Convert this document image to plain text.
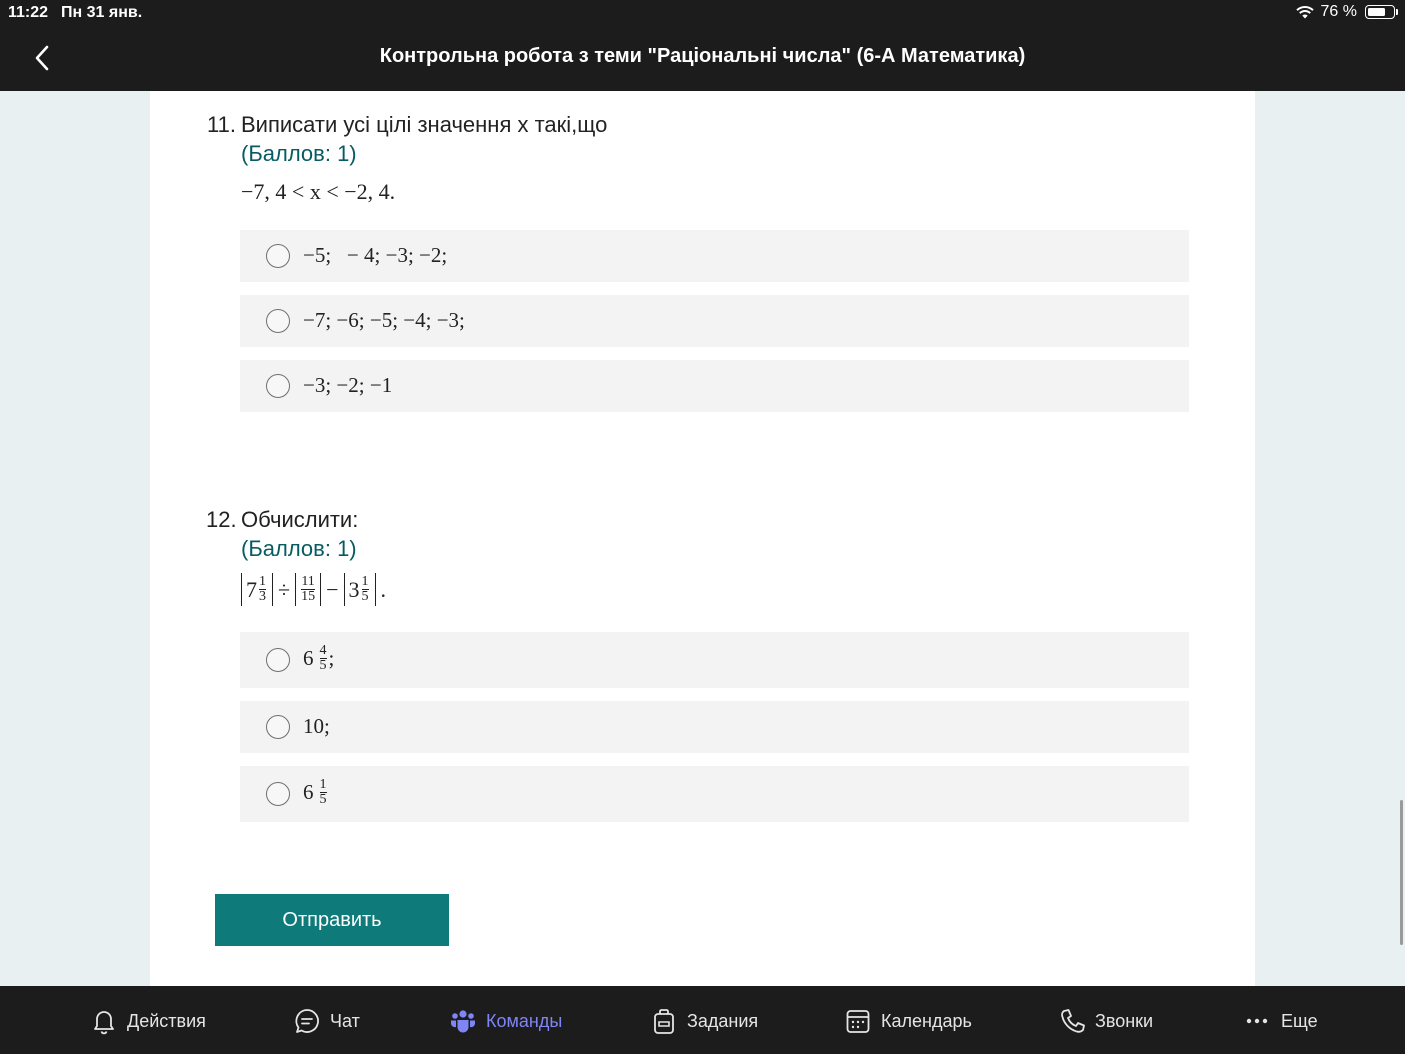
11:22 Пн 31 янв.	76 %
Контрольна робота з теми "Раціональні числа" (6-А Математика)
11. Виписати усі цілі значення х такі,що
(Баллов: 1)
−7, 4 < x < −2, 4.
−5;   − 4; −3; −2;
−7; −6; −5; −4; −3;
−3; −2; −1
12. Обчислити:
(Баллов: 1)
$7 \frac{1}{3} \div \frac{11}{15} - 3 \frac{1}{5}$ .
$6 \frac{4}{5}$ ;
10;
$6 \frac{1}{5}$
Отправить
Действия	Чат	Команды	Задания	Календарь	Звонки	Еще
